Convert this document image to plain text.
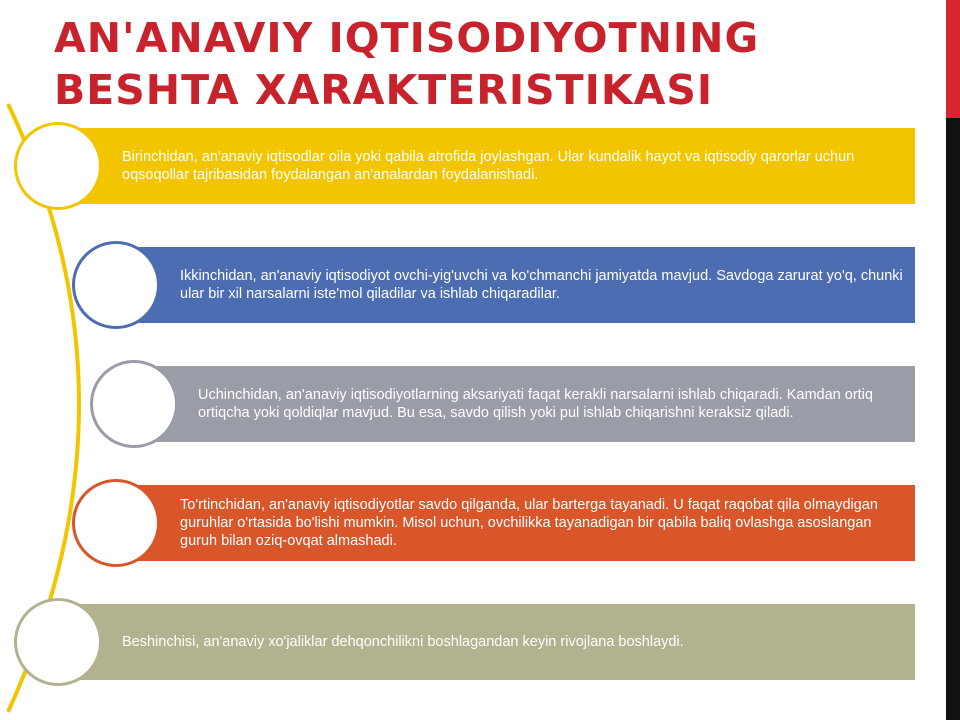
AN'ANAVIY IQTISODIYOTNING
BESHTA XARAKTERISTIKASI

Birinchidan, an'anaviy iqtisodlar oila yoki qabila atrofida joylashgan. Ular kundalik hayot va iqtisodiy qarorlar uchun oqsoqollar tajribasidan foydalangan an'analardan foydalanishadi.

Ikkinchidan, an'anaviy iqtisodiyot ovchi-yig'uvchi va ko'chmanchi jamiyatda mavjud. Savdoga zarurat yo'q, chunki ular bir xil narsalarni iste'mol qiladilar va ishlab chiqaradilar.

Uchinchidan, an'anaviy iqtisodiyotlarning aksariyati faqat kerakli narsalarni ishlab chiqaradi. Kamdan ortiq ortiqcha yoki qoldiqlar mavjud. Bu esa, savdo qilish yoki pul ishlab chiqarishni keraksiz qiladi.

To'rtinchidan, an'anaviy iqtisodiyotlar savdo qilganda, ular barterga tayanadi. U faqat raqobat qila olmaydigan guruhlar o'rtasida bo'lishi mumkin. Misol uchun, ovchilikka tayanadigan bir qabila baliq ovlashga asoslangan guruh bilan oziq-ovqat almashadi.

Beshinchisi, an'anaviy xo'jaliklar dehqonchilikni boshlagandan keyin rivojlana boshlaydi.
